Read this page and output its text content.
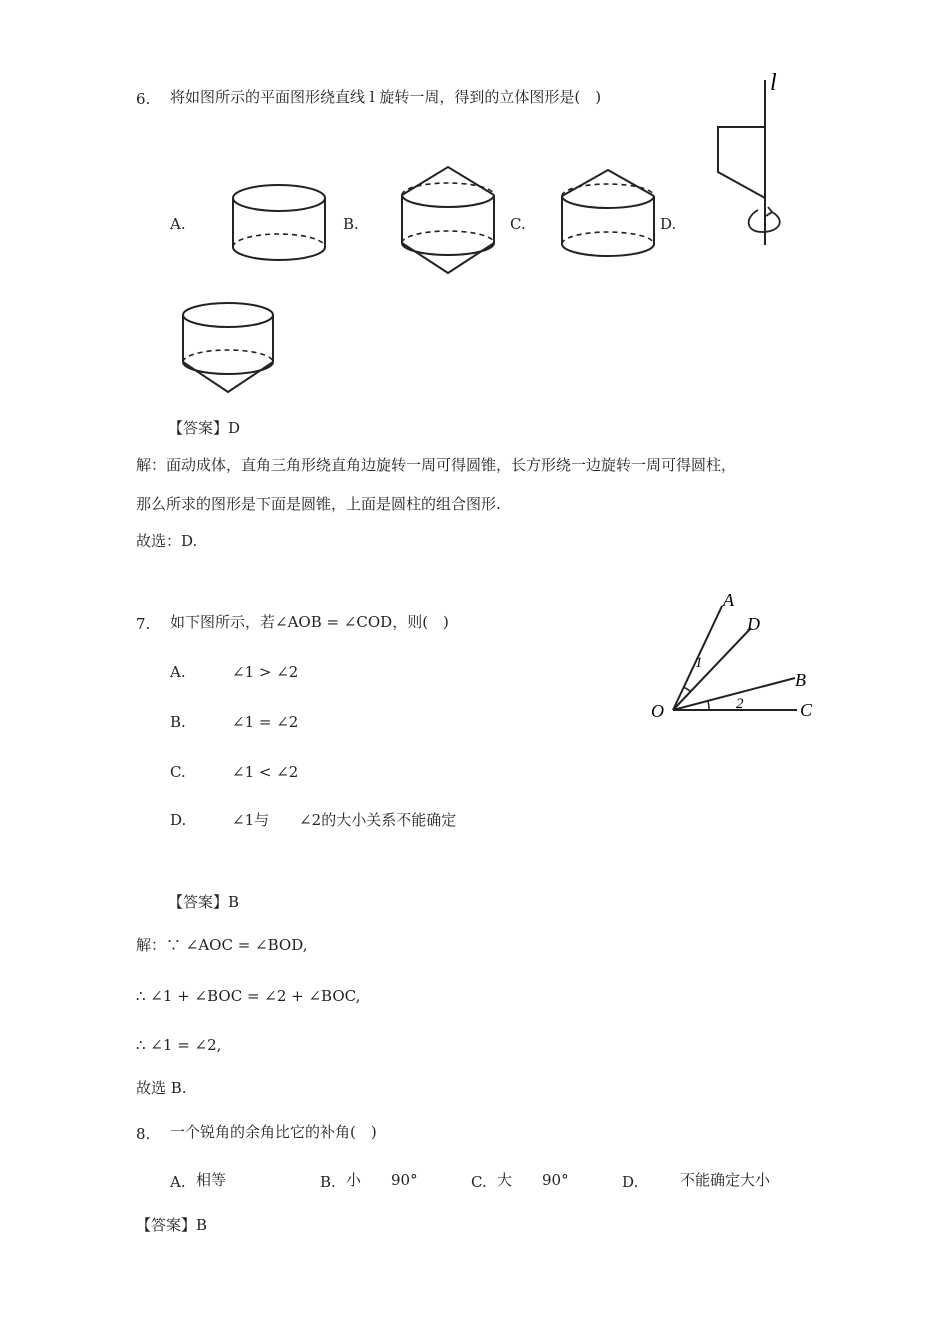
6. 将如图所示的平面图形绕直线 l 旋转一周，得到的立体图形是(　)
l
A.	B.	C.	D.
【答案】D
解：面动成体，直角三角形绕直角边旋转一周可得圆锥，长方形绕一边旋转一周可得圆柱，
那么所求的图形是下面是圆锥，上面是圆柱的组合图形.
故选：D.
7. 如下图所示，若∠AOB = ∠COD，则(　)
A
D
B
C
O
1
2
A.	∠1 > ∠2
B.	∠1 = ∠2
C.	∠1 < ∠2
D.	∠1与　　∠2的大小关系不能确定
【答案】B
解：∵ ∠AOC = ∠BOD,
∴ ∠1 + ∠BOC = ∠2 + ∠BOC,
∴ ∠1 = ∠2,
故选 B.
8. 一个锐角的余角比它的补角(　)
A. 相等	B. 小　　90°	C. 大　　90°	D.	不能确定大小
【答案】B
